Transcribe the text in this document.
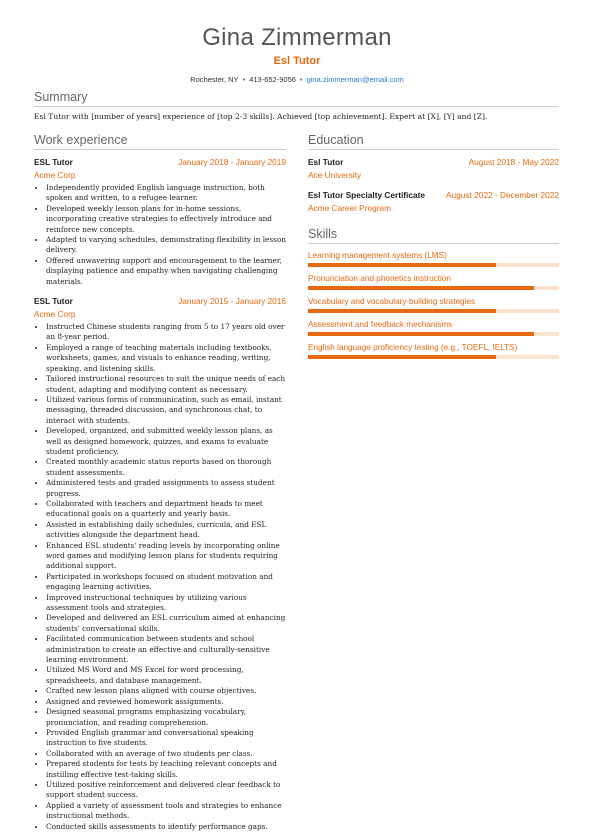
Gina Zimmerman
Esl Tutor
Rochester, NY • 413-652-9056 • gina.zimmerman@email.com
Summary

Esl Tutor with [number of years] experience of [top 2-3 skills]. Achieved [top achievement]. Expert at [X], [Y] and [Z].

Work experience
ESL Tutor	January 2018 - January 2019
Acme Corp
• Independently provided English language instruction, both spoken and written, to a refugee learner.
• Developed weekly lesson plans for in-home sessions, incorporating creative strategies to effectively introduce and reinforce new concepts.
• Adapted to varying schedules, demonstrating flexibility in lesson delivery.
• Offered unwavering support and encouragement to the learner, displaying patience and empathy when navigating challenging materials.
ESL Tutor	January 2015 - January 2016
Acme Corp
• Instructed Chinese students ranging from 5 to 17 years old over an 8-year period.
• Employed a range of teaching materials including textbooks, worksheets, games, and visuals to enhance reading, writing, speaking, and listening skills.
• Tailored instructional resources to suit the unique needs of each student, adapting and modifying content as necessary.
• Utilized various forms of communication, such as email, instant messaging, threaded discussion, and synchronous chat, to interact with students.
• Developed, organized, and submitted weekly lesson plans, as well as designed homework, quizzes, and exams to evaluate student proficiency.
• Created monthly academic status reports based on thorough student assessments.
• Administered tests and graded assignments to assess student progress.
• Collaborated with teachers and department heads to meet educational goals on a quarterly and yearly basis.
• Assisted in establishing daily schedules, curricula, and ESL activities alongside the department head.
• Enhanced ESL students' reading levels by incorporating online word games and modifying lesson plans for students requiring additional support.
• Participated in workshops focused on student motivation and engaging learning activities.
• Improved instructional techniques by utilizing various assessment tools and strategies.
• Developed and delivered an ESL curriculum aimed at enhancing students' conversational skills.
• Facilitated communication between students and school administration to create an effective and culturally-sensitive learning environment.
• Utilized MS Word and MS Excel for word processing, spreadsheets, and database management.
• Crafted new lesson plans aligned with course objectives.
• Assigned and reviewed homework assignments.
• Designed seasonal programs emphasizing vocabulary, pronunciation, and reading comprehension.
• Provided English grammar and conversational speaking instruction to five students.
• Collaborated with an average of two students per class.
• Prepared students for tests by teaching relevant concepts and instilling effective test-taking skills.
• Utilized positive reinforcement and delivered clear feedback to support student success.
• Applied a variety of assessment tools and strategies to enhance instructional methods.
• Conducted skills assessments to identify performance gaps.
Education
Esl Tutor	August 2018 - May 2022
Ace University
Esl Tutor Specialty Certificate	August 2022 - December 2022
Acme Career Program
Skills
Learning management systems (LMS)
Pronunciation and phonetics instruction
Vocabulary and vocabulary-building strategies
Assessment and feedback mechanisms
English language proficiency testing (e.g., TOEFL, IELTS)
